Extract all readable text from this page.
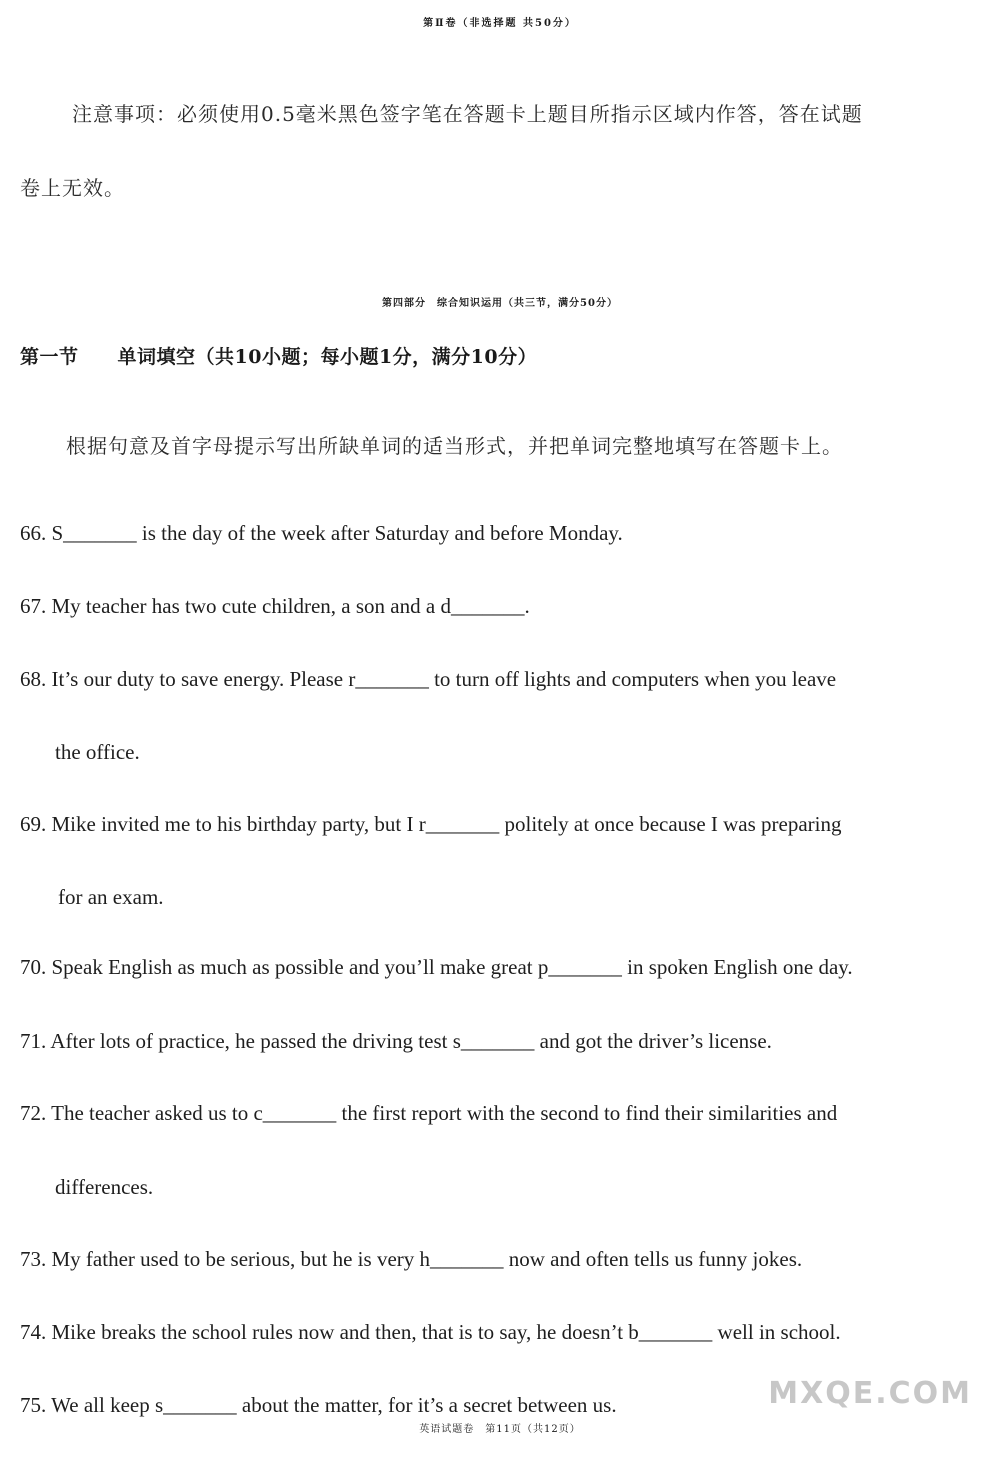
第Ⅱ卷（非选择题 共50分）
注意事项：必须使用0.5毫米黑色签字笔在答题卡上题目所指示区域内作答，答在试题
卷上无效。
第四部分　综合知识运用（共三节，满分50分）
第一节　　单词填空（共10小题；每小题1分，满分10分）
根据句意及首字母提示写出所缺单词的适当形式，并把单词完整地填写在答题卡上。
66. S_______ is the day of the week after Saturday and before Monday.
67. My teacher has two cute children, a son and a d_______.
68. It’s our duty to save energy. Please r_______ to turn off lights and computers when you leave
the office.
69. Mike invited me to his birthday party, but I r_______ politely at once because I was preparing
for an exam.
70. Speak English as much as possible and you’ll make great p_______ in spoken English one day.
71. After lots of practice, he passed the driving test s_______ and got the driver’s license.
72. The teacher asked us to c_______ the first report with the second to find their similarities and
differences.
73. My father used to be serious, but he is very h_______ now and often tells us funny jokes.
74. Mike breaks the school rules now and then, that is to say, he doesn’t b_______ well in school.
75. We all keep s_______ about the matter, for it’s a secret between us.
英语试题卷　第11页（共12页）
MXQE.COM
